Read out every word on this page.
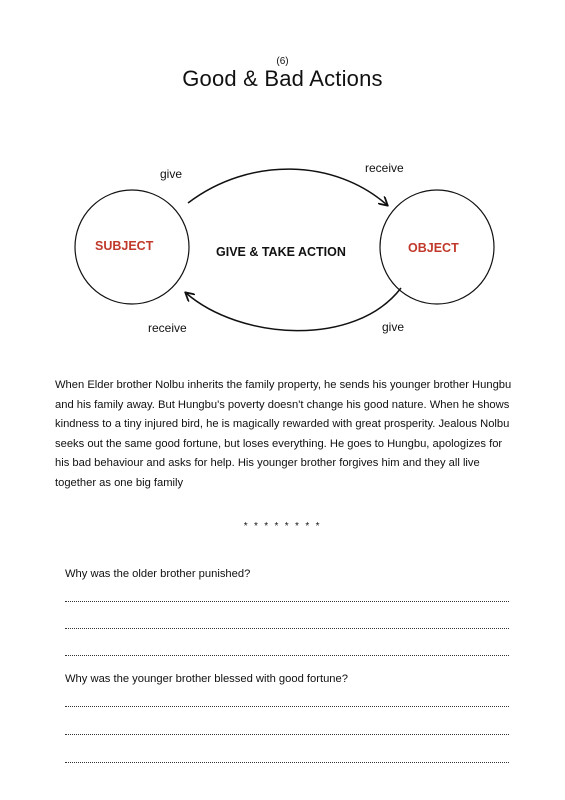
(6)
Good & Bad Actions
give	receive
SUBJECT	GIVE & TAKE ACTION	OBJECT
receive	give

When Elder brother Nolbu inherits the family property, he sends his younger brother Hungbu and his family away. But Hungbu's poverty doesn't change his good nature. When he shows kindness to a tiny injured bird, he is magically rewarded with great prosperity. Jealous Nolbu seeks out the same good fortune, but loses everything. He goes to Hungbu, apologizes for his bad behaviour and asks for help. His younger brother forgives him and they all live together as one big family

* * * * * * * *
Why was the older brother punished?
Why was the younger brother blessed with good fortune?
